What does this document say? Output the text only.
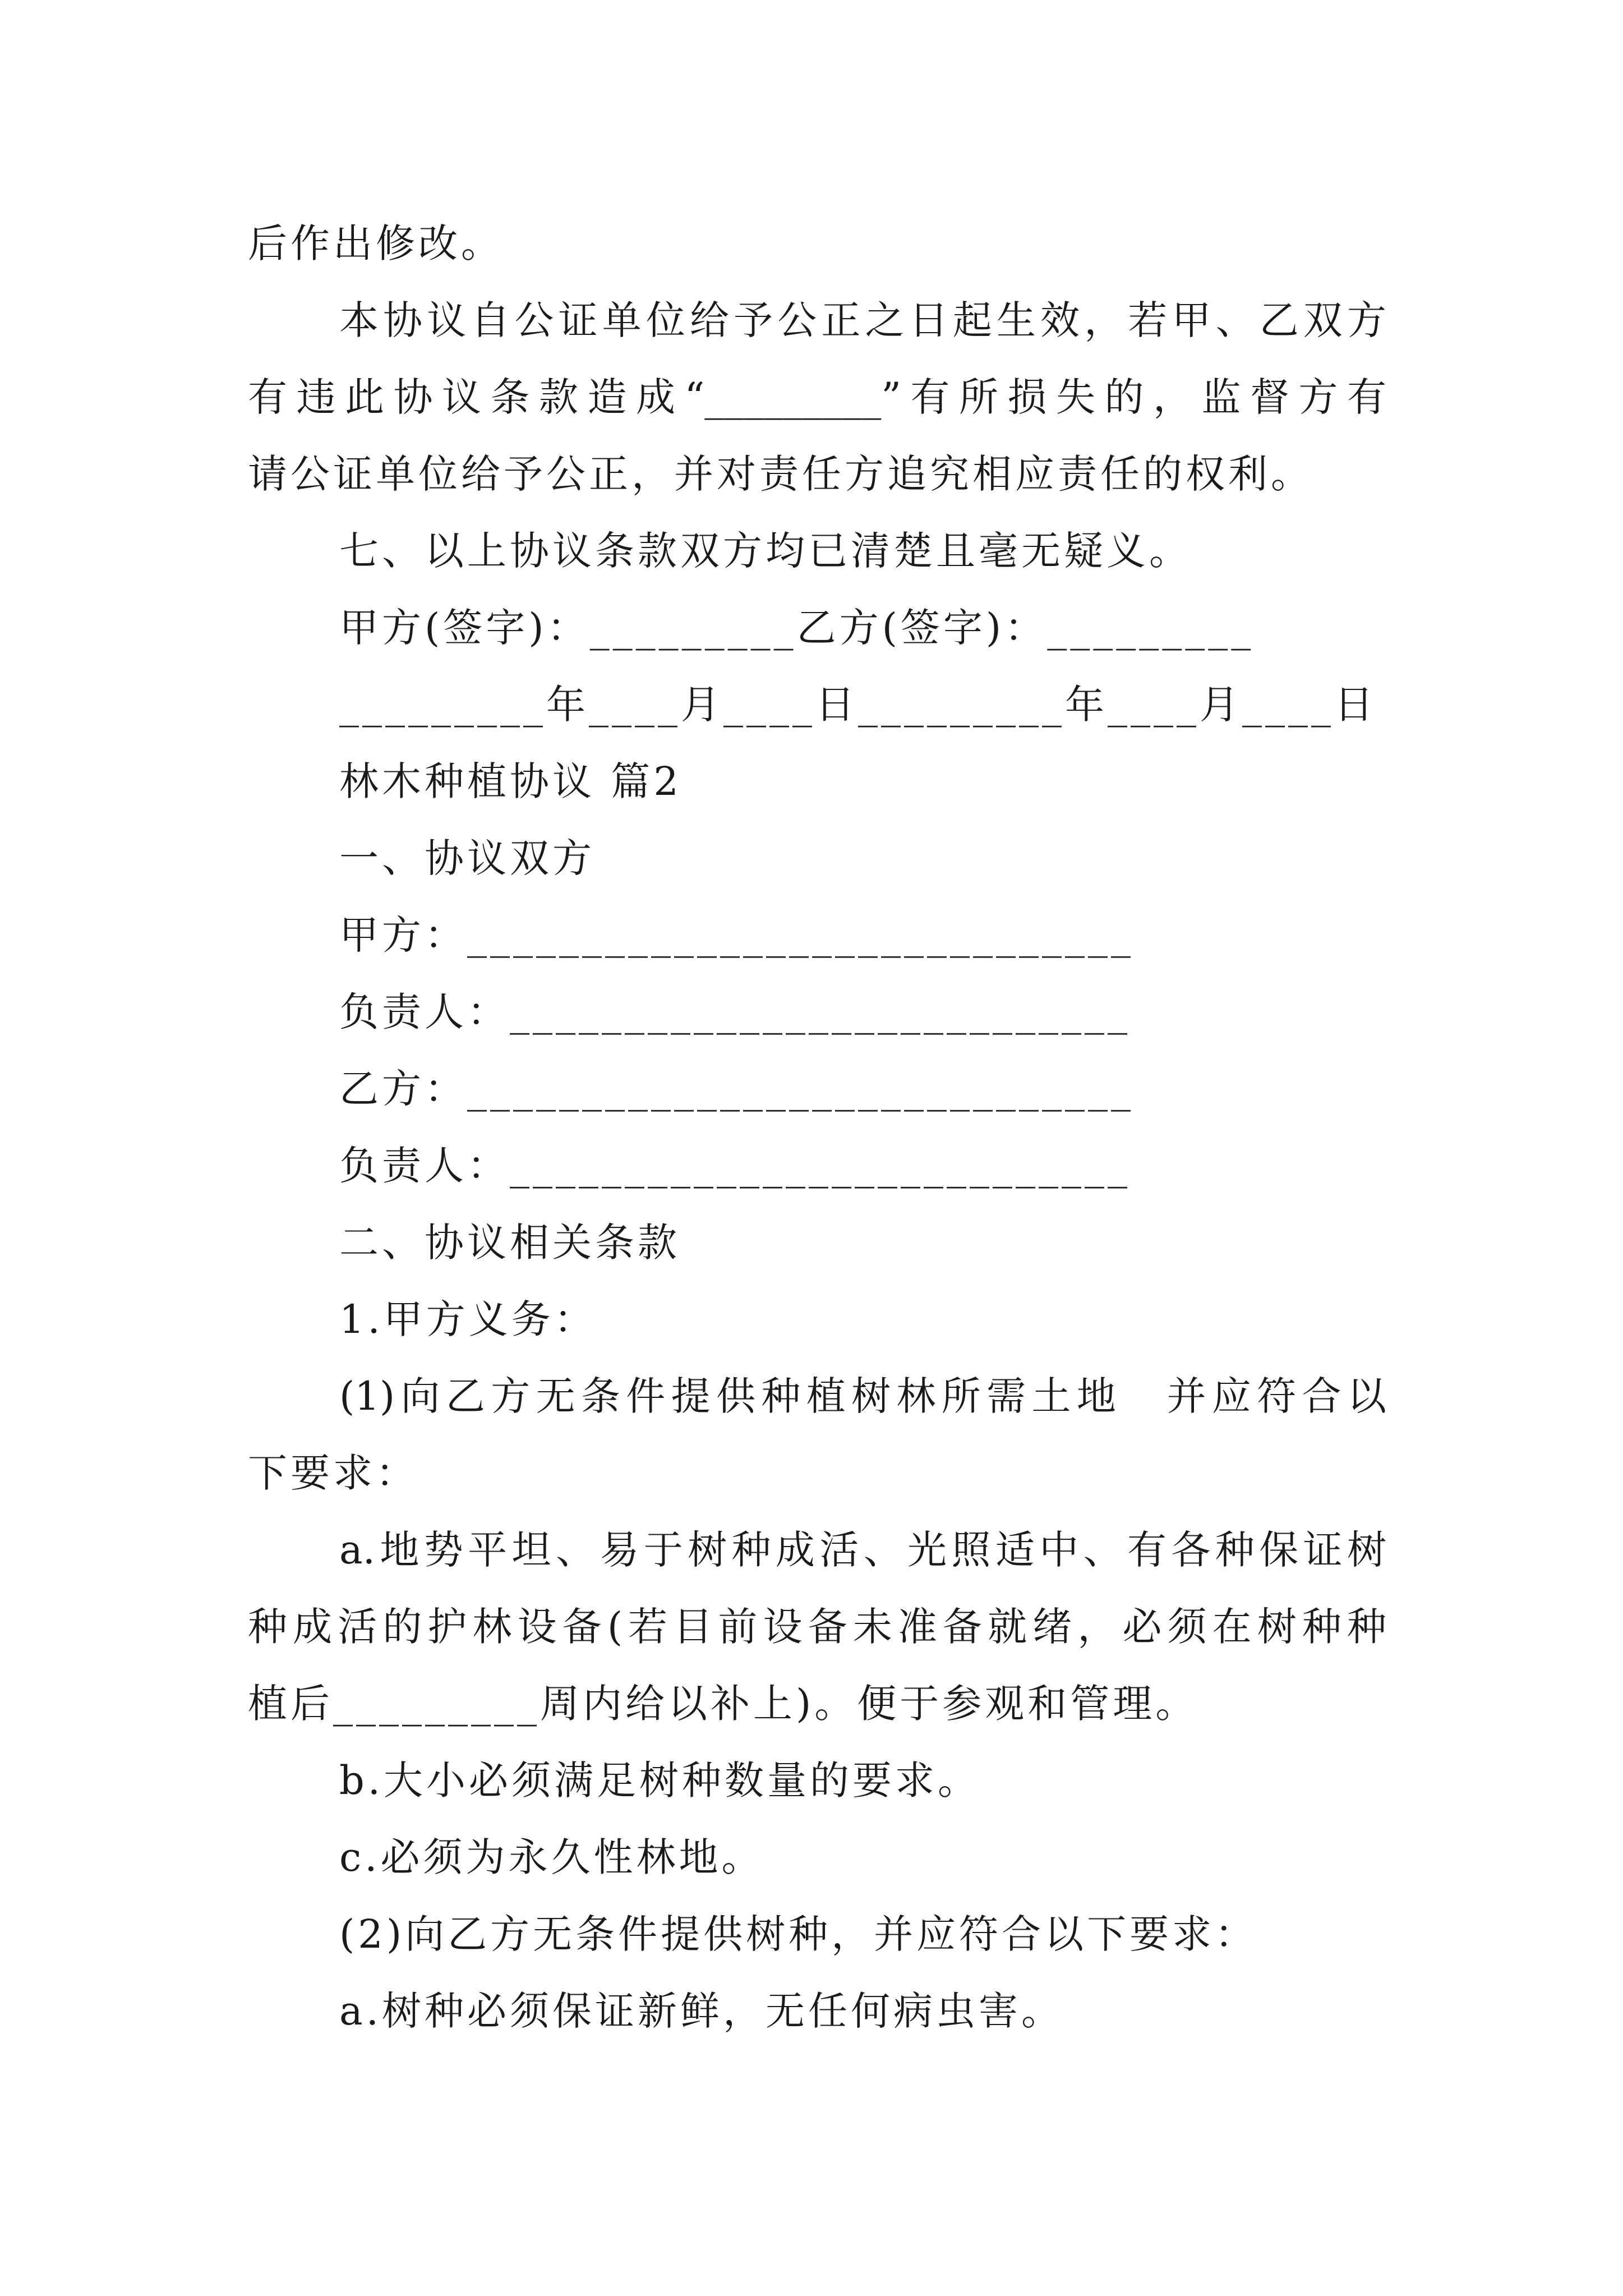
后作出修改。
本协议自公证单位给予公正之日起生效，若甲、乙双方
有违此协议条款造成“_________”有所损失的，监督方有
请公证单位给予公正，并对责任方追究相应责任的权利。
七、以上协议条款双方均已清楚且毫无疑义。
甲方(签字)：_________乙方(签字)：_________
_________年____月____日_________年____月____日
林木种植协议 篇2
一、协议双方
甲方：_____________________________
负责人：___________________________
乙方：_____________________________
负责人：___________________________
二、协议相关条款
1.甲方义务：
(1)向乙方无条件提供种植树林所需土地　并应符合以
下要求：
a.地势平坦、易于树种成活、光照适中、有各种保证树
种成活的护林设备(若目前设备未准备就绪，必须在树种种
植后_________周内给以补上)。便于参观和管理。
b.大小必须满足树种数量的要求。
c.必须为永久性林地。
(2)向乙方无条件提供树种，并应符合以下要求：
a.树种必须保证新鲜，无任何病虫害。
